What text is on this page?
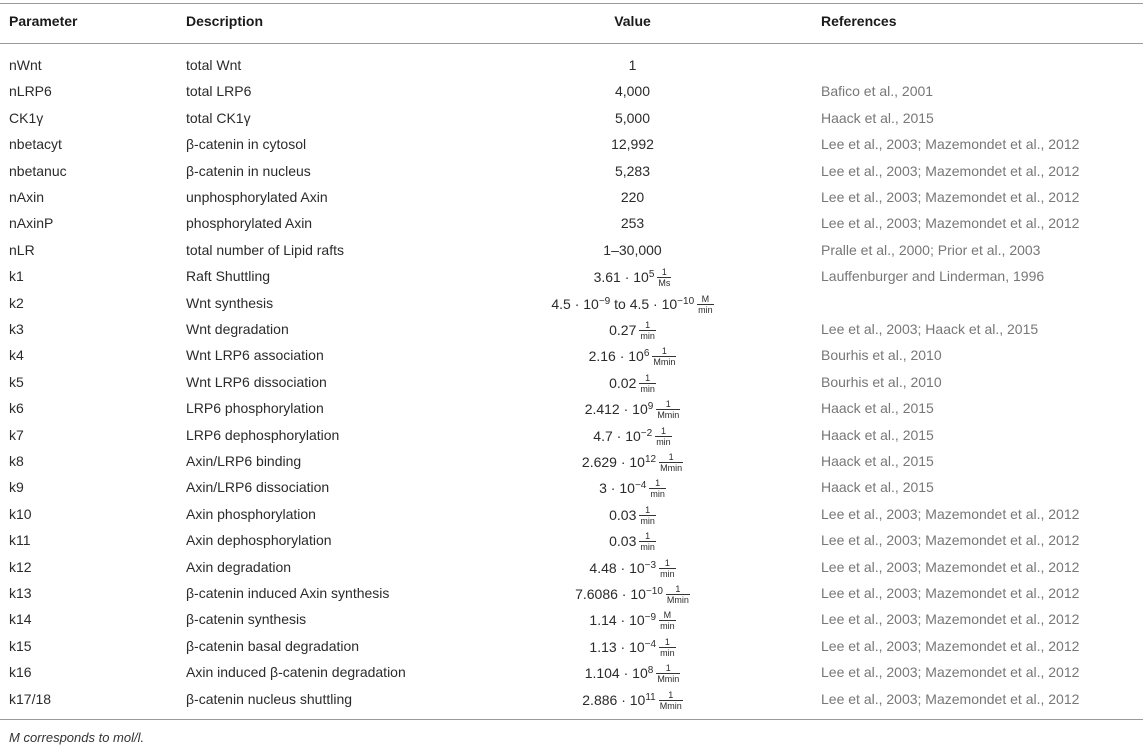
Parameter	Description	Value	References
nWnt	total Wnt	1
nLRP6	total LRP6	4,000	Bafico et al., 2001
CK1γ	total CK1γ	5,000	Haack et al., 2015
nbetacyt	β-catenin in cytosol	12,992	Lee et al., 2003; Mazemondet et al., 2012
nbetanuc	β-catenin in nucleus	5,283	Lee et al., 2003; Mazemondet et al., 2012
nAxin	unphosphorylated Axin	220	Lee et al., 2003; Mazemondet et al., 2012
nAxinP	phosphorylated Axin	253	Lee et al., 2003; Mazemondet et al., 2012
nLR	total number of Lipid rafts	1–30,000	Pralle et al., 2000; Prior et al., 2003
k1	Raft Shuttling	$3.61 \cdot 10^5 \frac{1}{Ms}$	Lauffenburger and Linderman, 1996
k2	Wnt synthesis	$4.5 \cdot 10^{-9}$ to $4.5 \cdot 10^{-10} \frac{M}{\min}$
k3	Wnt degradation	$0.27 \frac{1}{\min}$	Lee et al., 2003; Haack et al., 2015
k4	Wnt LRP6 association	$2.16 \cdot 10^6 \frac{1}{Mmin}$	Bourhis et al., 2010
k5	Wnt LRP6 dissociation	$0.02 \frac{1}{\min}$	Bourhis et al., 2010
k6	LRP6 phosphorylation	$2.412 \cdot 10^9 \frac{1}{Mmin}$	Haack et al., 2015
k7	LRP6 dephosphorylation	$4.7 \cdot 10^{-2} \frac{1}{\min}$	Haack et al., 2015
k8	Axin/LRP6 binding	$2.629 \cdot 10^{12} \frac{1}{Mmin}$	Haack et al., 2015
k9	Axin/LRP6 dissociation	$3 \cdot 10^{-4} \frac{1}{\min}$	Haack et al., 2015
k10	Axin phosphorylation	$0.03 \frac{1}{\min}$	Lee et al., 2003; Mazemondet et al., 2012
k11	Axin dephosphorylation	$0.03 \frac{1}{\min}$	Lee et al., 2003; Mazemondet et al., 2012
k12	Axin degradation	$4.48 \cdot 10^{-3} \frac{1}{\min}$	Lee et al., 2003; Mazemondet et al., 2012
k13	β-catenin induced Axin synthesis	$7.6086 \cdot 10^{-10} \frac{1}{Mmin}$	Lee et al., 2003; Mazemondet et al., 2012
k14	β-catenin synthesis	$1.14 \cdot 10^{-9} \frac{M}{\min}$	Lee et al., 2003; Mazemondet et al., 2012
k15	β-catenin basal degradation	$1.13 \cdot 10^{-4} \frac{1}{\min}$	Lee et al., 2003; Mazemondet et al., 2012
k16	Axin induced β-catenin degradation	$1.104 \cdot 10^8 \frac{1}{Mmin}$	Lee et al., 2003; Mazemondet et al., 2012
k17/18	β-catenin nucleus shuttling	$2.886 \cdot 10^{11} \frac{1}{Mmin}$	Lee et al., 2003; Mazemondet et al., 2012
M corresponds to mol/l.
